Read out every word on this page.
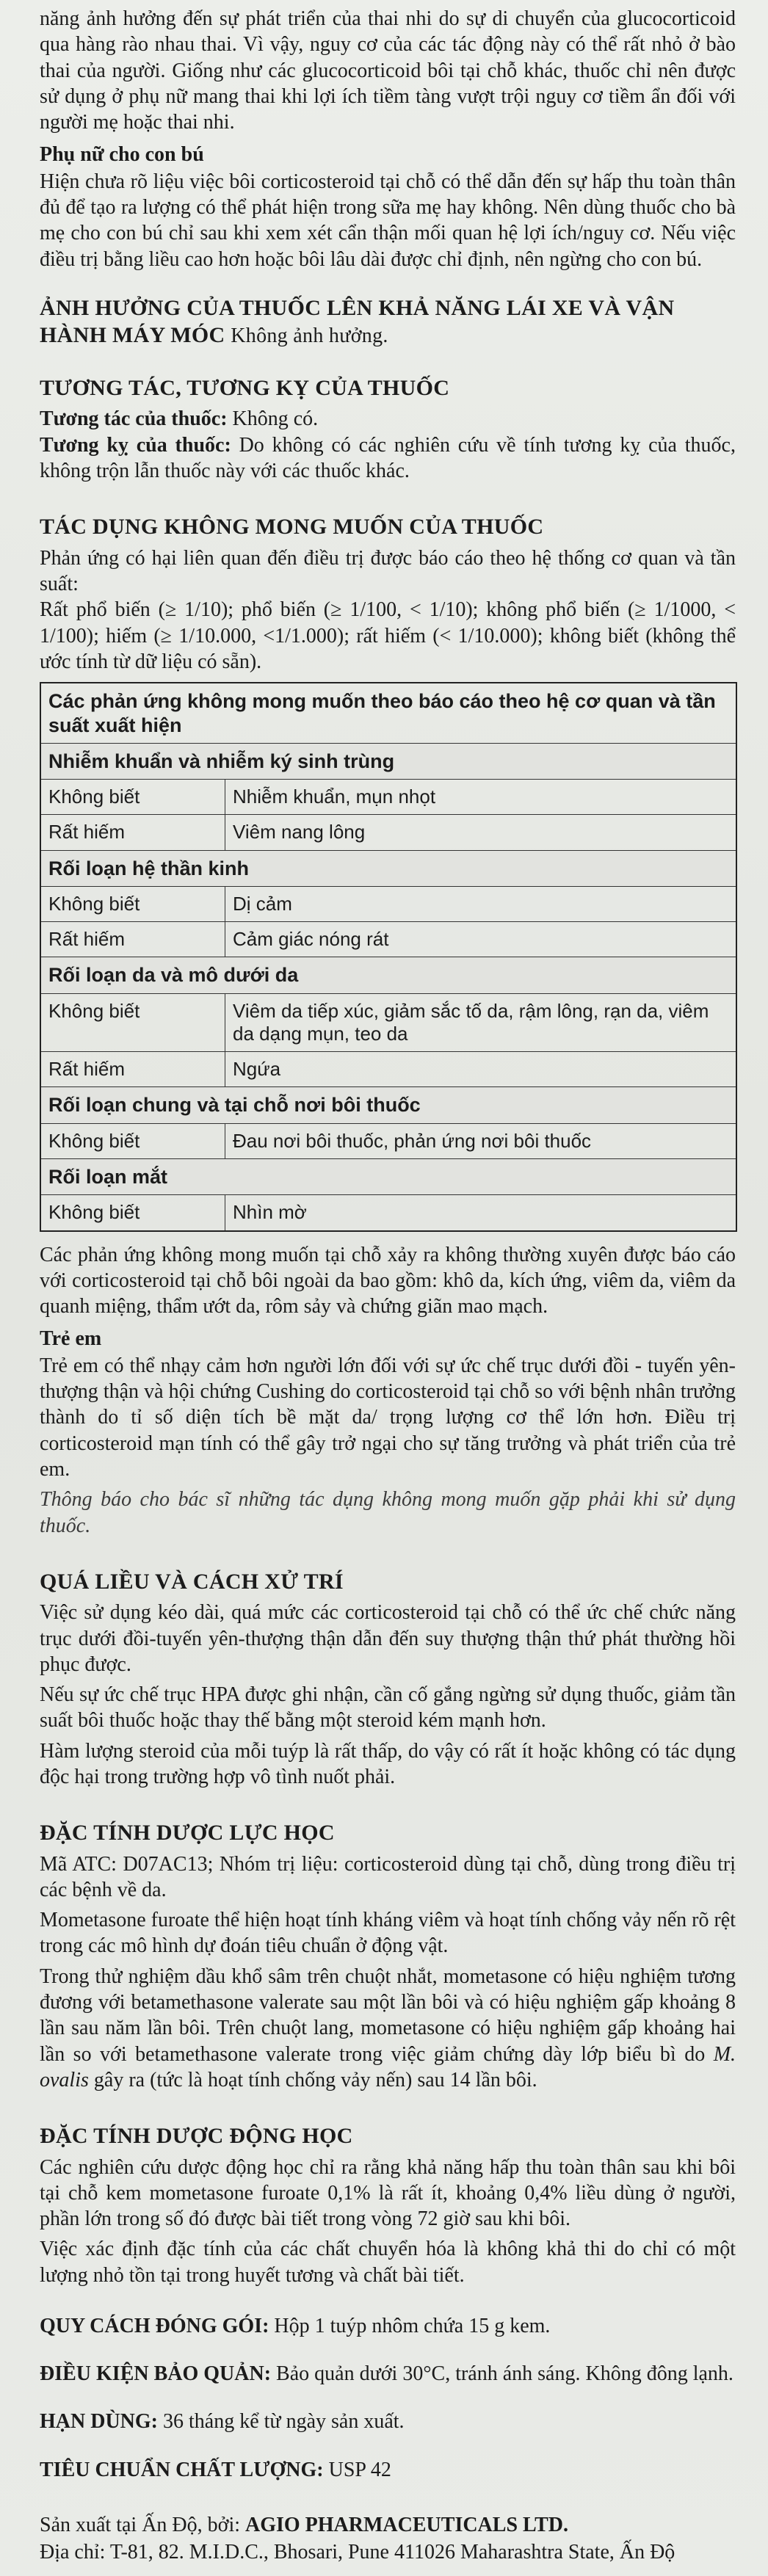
năng ảnh hưởng đến sự phát triển của thai nhi do sự di chuyển của glucocorticoid qua hàng rào nhau thai. Vì vậy, nguy cơ của các tác động này có thể rất nhỏ ở bào thai của người. Giống như các glucocorticoid bôi tại chỗ khác, thuốc chỉ nên được sử dụng ở phụ nữ mang thai khi lợi ích tiềm tàng vượt trội nguy cơ tiềm ẩn đối với người mẹ hoặc thai nhi.

Phụ nữ cho con bú

Hiện chưa rõ liệu việc bôi corticosteroid tại chỗ có thể dẫn đến sự hấp thu toàn thân đủ để tạo ra lượng có thể phát hiện trong sữa mẹ hay không. Nên dùng thuốc cho bà mẹ cho con bú chỉ sau khi xem xét cẩn thận mối quan hệ lợi ích/nguy cơ. Nếu việc điều trị bằng liều cao hơn hoặc bôi lâu dài được chỉ định, nên ngừng cho con bú.

ẢNH HƯỞNG CỦA THUỐC LÊN KHẢ NĂNG LÁI XE VÀ VẬN HÀNH MÁY MÓC Không ảnh hưởng.
TƯƠNG TÁC, TƯƠNG KỴ CỦA THUỐC

Tương tác của thuốc: Không có.

Tương kỵ của thuốc: Do không có các nghiên cứu về tính tương kỵ của thuốc, không trộn lẫn thuốc này với các thuốc khác.

TÁC DỤNG KHÔNG MONG MUỐN CỦA THUỐC

Phản ứng có hại liên quan đến điều trị được báo cáo theo hệ thống cơ quan và tần suất:

Rất phổ biến (≥ 1/10); phổ biến (≥ 1/100, < 1/10); không phổ biến (≥ 1/1000, < 1/100); hiếm (≥ 1/10.000, <1/1.000); rất hiếm (< 1/10.000); không biết (không thể ước tính từ dữ liệu có sẵn).

Các phản ứng không mong muốn theo báo cáo theo hệ cơ quan và tần suất xuất hiện	
Nhiễm khuẩn và nhiễm ký sinh trùng	
Không biết	Nhiễm khuẩn, mụn nhọt
Rất hiếm	Viêm nang lông
Rối loạn hệ thần kinh	
Không biết	Dị cảm
Rất hiếm	Cảm giác nóng rát
Rối loạn da và mô dưới da	
Không biết	Viêm da tiếp xúc, giảm sắc tố da, rậm lông, rạn da, viêm da dạng mụn, teo da
Rất hiếm	Ngứa
Rối loạn chung và tại chỗ nơi bôi thuốc	
Không biết	Đau nơi bôi thuốc, phản ứng nơi bôi thuốc
Rối loạn mắt	
Không biết	Nhìn mờ

Các phản ứng không mong muốn tại chỗ xảy ra không thường xuyên được báo cáo với corticosteroid tại chỗ bôi ngoài da bao gồm: khô da, kích ứng, viêm da, viêm da quanh miệng, thẩm ướt da, rôm sảy và chứng giãn mao mạch.

Trẻ em

Trẻ em có thể nhạy cảm hơn người lớn đối với sự ức chế trục dưới đồi - tuyến yên- thượng thận và hội chứng Cushing do corticosteroid tại chỗ so với bệnh nhân trưởng thành do tỉ số diện tích bề mặt da/ trọng lượng cơ thể lớn hơn. Điều trị corticosteroid mạn tính có thể gây trở ngại cho sự tăng trưởng và phát triển của trẻ em.

Thông báo cho bác sĩ những tác dụng không mong muốn gặp phải khi sử dụng thuốc.

QUÁ LIỀU VÀ CÁCH XỬ TRÍ

Việc sử dụng kéo dài, quá mức các corticosteroid tại chỗ có thể ức chế chức năng trục dưới đồi-tuyến yên-thượng thận dẫn đến suy thượng thận thứ phát thường hồi phục được.

Nếu sự ức chế trục HPA được ghi nhận, cần cố gắng ngừng sử dụng thuốc, giảm tần suất bôi thuốc hoặc thay thế bằng một steroid kém mạnh hơn.

Hàm lượng steroid của mỗi tuýp là rất thấp, do vậy có rất ít hoặc không có tác dụng độc hại trong trường hợp vô tình nuốt phải.

ĐẶC TÍNH DƯỢC LỰC HỌC

Mã ATC: D07AC13; Nhóm trị liệu: corticosteroid dùng tại chỗ, dùng trong điều trị các bệnh về da.

Mometasone furoate thể hiện hoạt tính kháng viêm và hoạt tính chống vảy nến rõ rệt trong các mô hình dự đoán tiêu chuẩn ở động vật.

Trong thử nghiệm dầu khổ sâm trên chuột nhắt, mometasone có hiệu nghiệm tương đương với betamethasone valerate sau một lần bôi và có hiệu nghiệm gấp khoảng 8 lần sau năm lần bôi. Trên chuột lang, mometasone có hiệu nghiệm gấp khoảng hai lần so với betamethasone valerate trong việc giảm chứng dày lớp biểu bì do M. ovalis gây ra (tức là hoạt tính chống vảy nến) sau 14 lần bôi.

ĐẶC TÍNH DƯỢC ĐỘNG HỌC

Các nghiên cứu dược động học chỉ ra rằng khả năng hấp thu toàn thân sau khi bôi tại chỗ kem mometasone furoate 0,1% là rất ít, khoảng 0,4% liều dùng ở người, phần lớn trong số đó được bài tiết trong vòng 72 giờ sau khi bôi.

Việc xác định đặc tính của các chất chuyển hóa là không khả thi do chỉ có một lượng nhỏ tồn tại trong huyết tương và chất bài tiết.

QUY CÁCH ĐÓNG GÓI: Hộp 1 tuýp nhôm chứa 15 g kem.

ĐIỀU KIỆN BẢO QUẢN: Bảo quản dưới 30°C, tránh ánh sáng. Không đông lạnh.

HẠN DÙNG: 36 tháng kể từ ngày sản xuất.

TIÊU CHUẨN CHẤT LƯỢNG: USP 42

Sản xuất tại Ấn Độ, bởi: AGIO PHARMACEUTICALS LTD.

Địa chỉ: T-81, 82. M.I.D.C., Bhosari, Pune 411026 Maharashtra State, Ấn Độ
